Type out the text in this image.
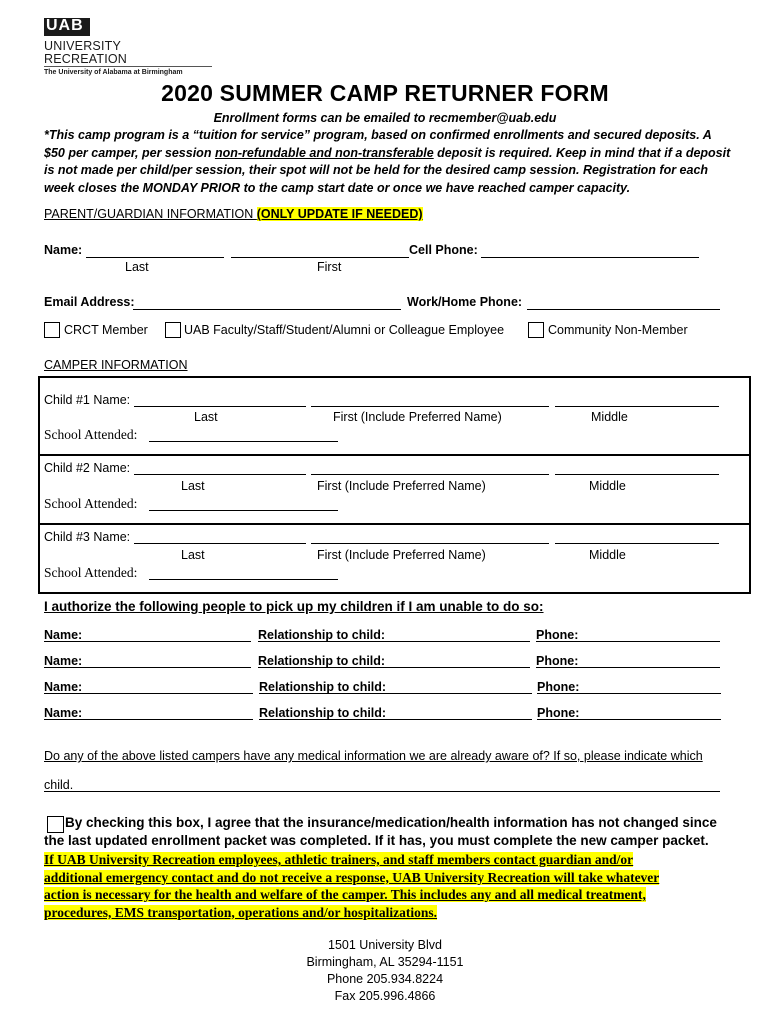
UAB
UNIVERSITY
RECREATION
The University of Alabama at Birmingham
2020 SUMMER CAMP RETURNER FORM
Enrollment forms can be emailed to recmember@uab.edu
*This camp program is a “tuition for service” program, based on confirmed enrollments and secured deposits. A $50 per camper, per session non-refundable and non-transferable deposit is required. Keep in mind that if a deposit is not made per child/per session, their spot will not be held for the desired camp session. Registration for each week closes the MONDAY PRIOR to the camp start date or once we have reached camper capacity.
PARENT/GUARDIAN INFORMATION (ONLY UPDATE IF NEEDED)
Name:	Cell Phone:
Last	First
Email Address:	Work/Home Phone:
CRCT Member	UAB Faculty/Staff/Student/Alumni or Colleague Employee	Community Non-Member
CAMPER INFORMATION
Child #1 Name:
Last	First (Include Preferred Name)	Middle
School Attended:
Child #2 Name:
Last	First (Include Preferred Name)	Middle
School Attended:
Child #3 Name:
Last	First (Include Preferred Name)	Middle
School Attended:
I authorize the following people to pick up my children if I am unable to do so:
Name:	Relationship to child:	Phone:
Name:	Relationship to child:	Phone:
Name:	Relationship to child:	Phone:
Name:	Relationship to child:	Phone:
Do any of the above listed campers have any medical information we are already aware of? If so, please indicate which
child.
By checking this box, I agree that the insurance/medication/health information has not changed since
the last updated enrollment packet was completed. If it has, you must complete the new camper packet.
If UAB University Recreation employees, athletic trainers, and staff members contact guardian and/or
additional emergency contact and do not receive a response, UAB University Recreation will take whatever
action is necessary for the health and welfare of the camper. This includes any and all medical treatment,
procedures, EMS transportation, operations and/or hospitalizations.
1501 University Blvd
Birmingham, AL 35294-1151
Phone 205.934.8224
Fax 205.996.4866
